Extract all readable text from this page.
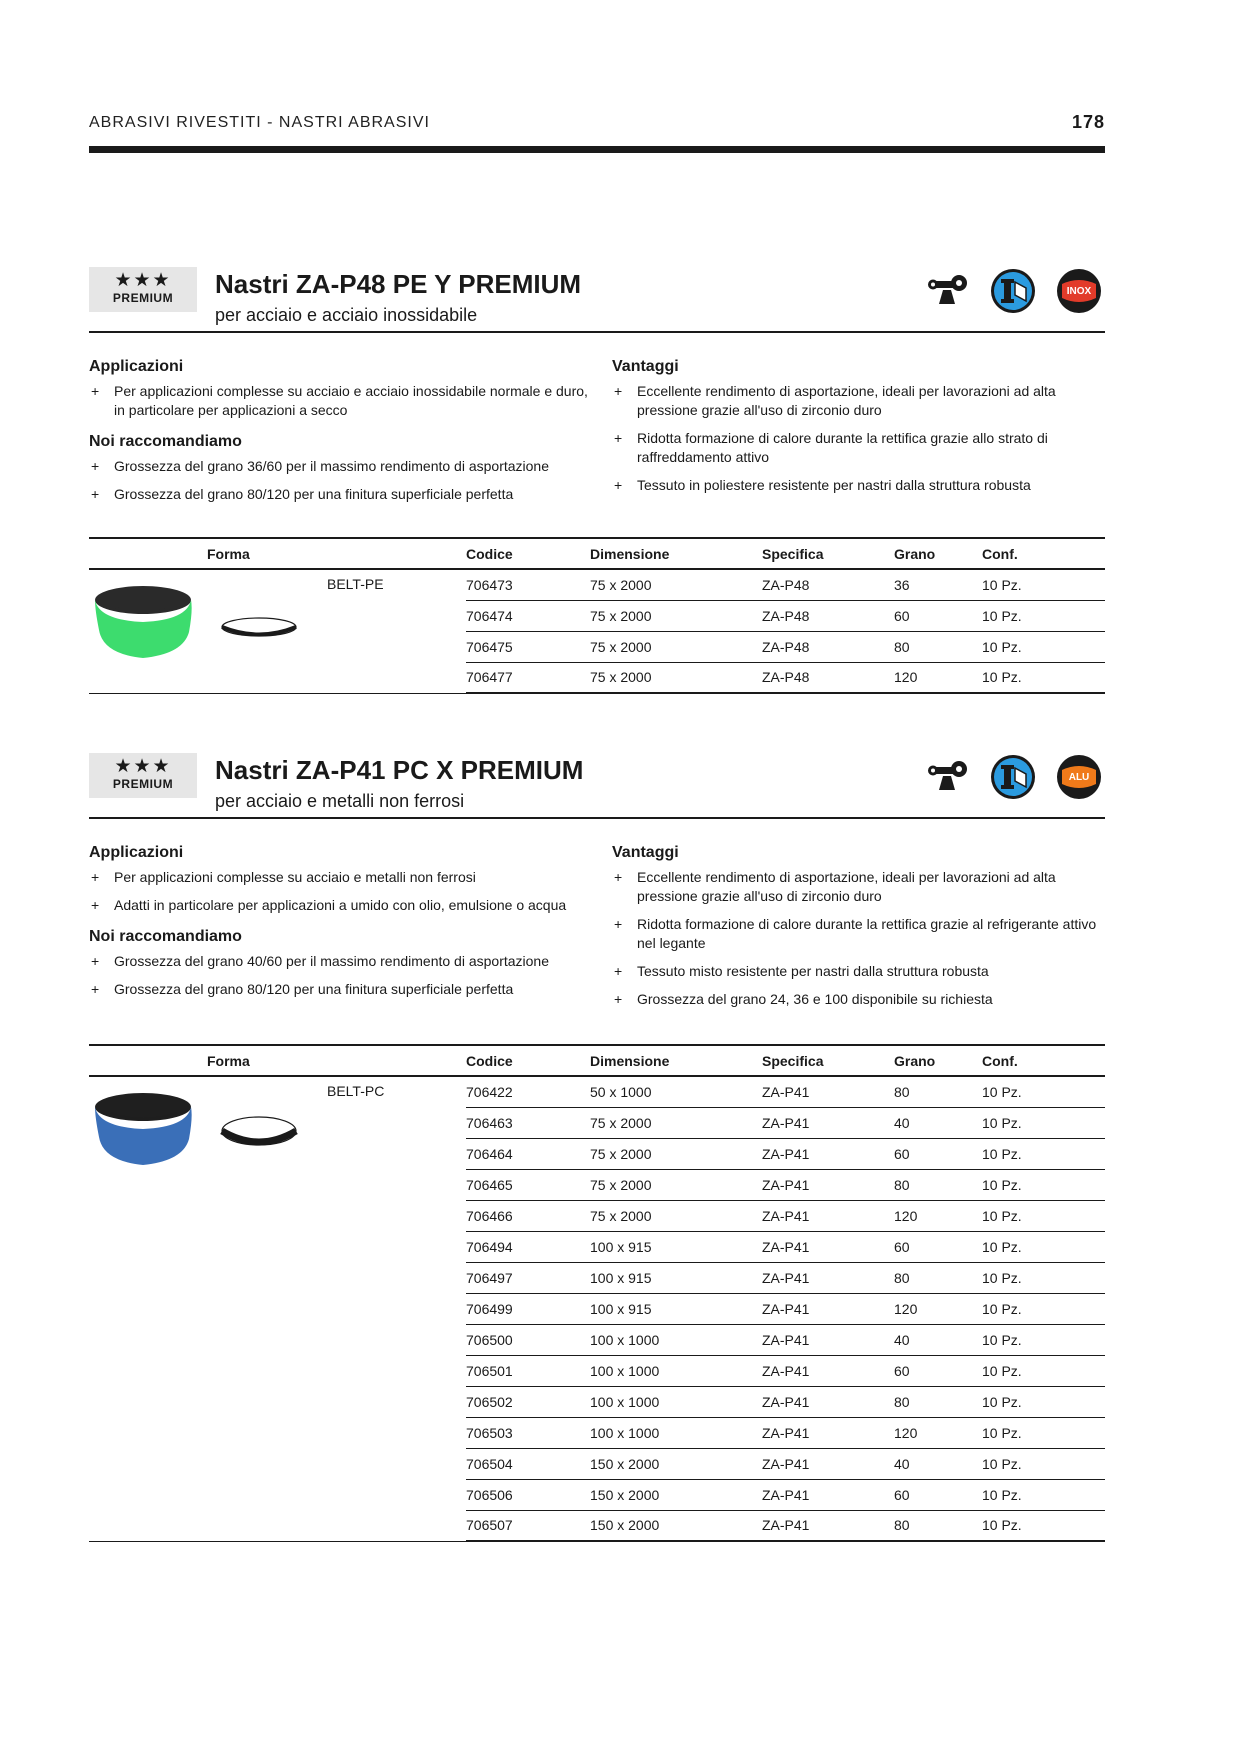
ABRASIVI RIVESTITI - NASTRI ABRASIVI	178
★★★
PREMIUM	Nastri ZA-P48 PE Y PREMIUM
per acciaio e acciaio inossidabile
INOX
Applicazioni
+ Per applicazioni complesse su acciaio e acciaio inossidabile normale e duro, in particolare per applicazioni a secco
Noi raccomandiamo
+ Grossezza del grano 36/60 per il massimo rendimento di asportazione
+ Grossezza del grano 80/120 per una finitura superficiale perfetta
Vantaggi
+ Eccellente rendimento di asportazione, ideali per lavorazioni ad alta pressione grazie all'uso di zirconio duro
+ Ridotta formazione di calore durante la rettifica grazie allo strato di raffreddamento attivo
+ Tessuto in poliestere resistente per nastri dalla struttura robusta
Forma	Codice	Dimensione	Specifica	Grano	Conf.

BELT-PE	706473	75 x 2000	ZA-P48	36	10 Pz.
	706474	75 x 2000	ZA-P48	60	10 Pz.
	706475	75 x 2000	ZA-P48	80	10 Pz.
	706477	75 x 2000	ZA-P48	120	10 Pz.
★★★
PREMIUM	Nastri ZA-P41 PC X PREMIUM
per acciaio e metalli non ferrosi
ALU
Applicazioni
+ Per applicazioni complesse su acciaio e metalli non ferrosi
+ Adatti in particolare per applicazioni a umido con olio, emulsione o acqua
Noi raccomandiamo
+ Grossezza del grano 40/60 per il massimo rendimento di asportazione
+ Grossezza del grano 80/120 per una finitura superficiale perfetta
Vantaggi
+ Eccellente rendimento di asportazione, ideali per lavorazioni ad alta pressione grazie all'uso di zirconio duro
+ Ridotta formazione di calore durante la rettifica grazie al refrigerante attivo nel legante
+ Tessuto misto resistente per nastri dalla struttura robusta
+ Grossezza del grano 24, 36 e 100 disponibile su richiesta
Forma	Codice	Dimensione	Specifica	Grano	Conf.

BELT-PC	706422	50 x 1000	ZA-P41	80	10 Pz.
	706463	75 x 2000	ZA-P41	40	10 Pz.
	706464	75 x 2000	ZA-P41	60	10 Pz.
	706465	75 x 2000	ZA-P41	80	10 Pz.
	706466	75 x 2000	ZA-P41	120	10 Pz.
	706494	100 x 915	ZA-P41	60	10 Pz.
	706497	100 x 915	ZA-P41	80	10 Pz.
	706499	100 x 915	ZA-P41	120	10 Pz.
	706500	100 x 1000	ZA-P41	40	10 Pz.
	706501	100 x 1000	ZA-P41	60	10 Pz.
	706502	100 x 1000	ZA-P41	80	10 Pz.
	706503	100 x 1000	ZA-P41	120	10 Pz.
	706504	150 x 2000	ZA-P41	40	10 Pz.
	706506	150 x 2000	ZA-P41	60	10 Pz.
	706507	150 x 2000	ZA-P41	80	10 Pz.
